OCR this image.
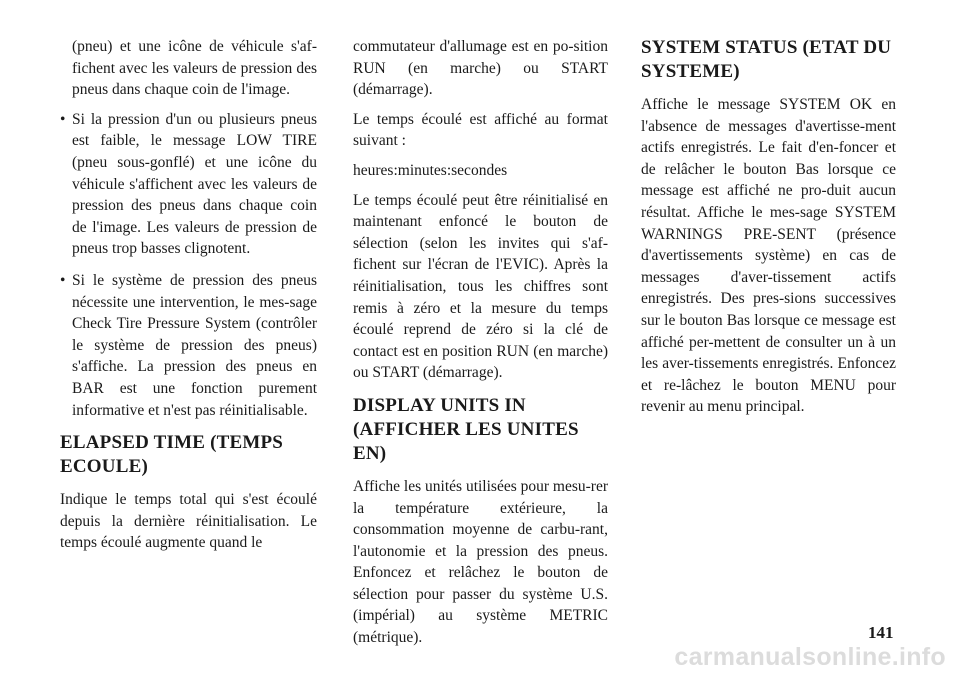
(pneu) et une icône de véhicule s'af-fichent avec les valeurs de pression des pneus dans chaque coin de l'image.

• Si la pression d'un ou plusieurs pneus est faible, le message LOW TIRE (pneu sous-gonflé) et une icône du véhicule s'affichent avec les valeurs de pression des pneus dans chaque coin de l'image. Les valeurs de pression de pneus trop basses clignotent.
• Si le système de pression des pneus nécessite une intervention, le mes-sage Check Tire Pressure System (contrôler le système de pression des pneus) s'affiche. La pression des pneus en BAR est une fonction purement informative et n'est pas réinitialisable.
ELAPSED TIME (TEMPS ECOULE)

Indique le temps total qui s'est écoulé depuis la dernière réinitialisation. Le temps écoulé augmente quand le

commutateur d'allumage est en po-sition RUN (en marche) ou START (démarrage).

Le temps écoulé est affiché au format suivant :

heures:minutes:secondes

Le temps écoulé peut être réinitialisé en maintenant enfoncé le bouton de sélection (selon les invites qui s'af-fichent sur l'écran de l'EVIC). Après la réinitialisation, tous les chiffres sont remis à zéro et la mesure du temps écoulé reprend de zéro si la clé de contact est en position RUN (en marche) ou START (démarrage).

DISPLAY UNITS IN (AFFICHER LES UNITES EN)

Affiche les unités utilisées pour mesu-rer la température extérieure, la consommation moyenne de carbu-rant, l'autonomie et la pression des pneus. Enfoncez et relâchez le bouton de sélection pour passer du système U.S. (impérial) au système METRIC (métrique).

SYSTEM STATUS (ETAT DU SYSTEME)

Affiche le message SYSTEM OK en l'absence de messages d'avertisse-ment actifs enregistrés. Le fait d'en-foncer et de relâcher le bouton Bas lorsque ce message est affiché ne pro-duit aucun résultat. Affiche le mes-sage SYSTEM WARNINGS PRE-SENT (présence d'avertissements système) en cas de messages d'aver-tissement actifs enregistrés. Des pres-sions successives sur le bouton Bas lorsque ce message est affiché per-mettent de consulter un à un les aver-tissements enregistrés. Enfoncez et re-lâchez le bouton MENU pour revenir au menu principal.

141
carmanualsonline.info
